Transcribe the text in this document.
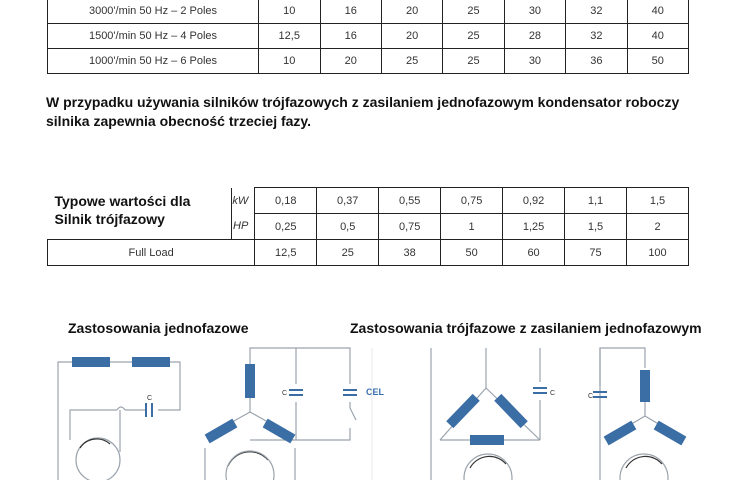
3000'/min 50 Hz – 2 Poles	10	16	20	25	30	32	40
1500'/min 50 Hz – 4 Poles	12,5	16	20	25	28	32	40
1000'/min 50 Hz – 6 Poles	10	20	25	25	30	36	50
W przypadku używania silników trójfazowych z zasilaniem jednofazowym kondensator roboczy silnika zapewnia obecność trzeciej fazy.
Typowe wartości dla
Silnik trójfazowy	kW	0,18	0,37	0,55	0,75	0,92	1,1	1,5
	HP	0,25	0,5	0,75	1	1,25	1,5	2
Full Load		12,5	25	38	50	60	75	100
Zastosowania jednofazowe	Zastosowania trójfazowe z zasilaniem jednofazowym
C
C	CEL	C	C
